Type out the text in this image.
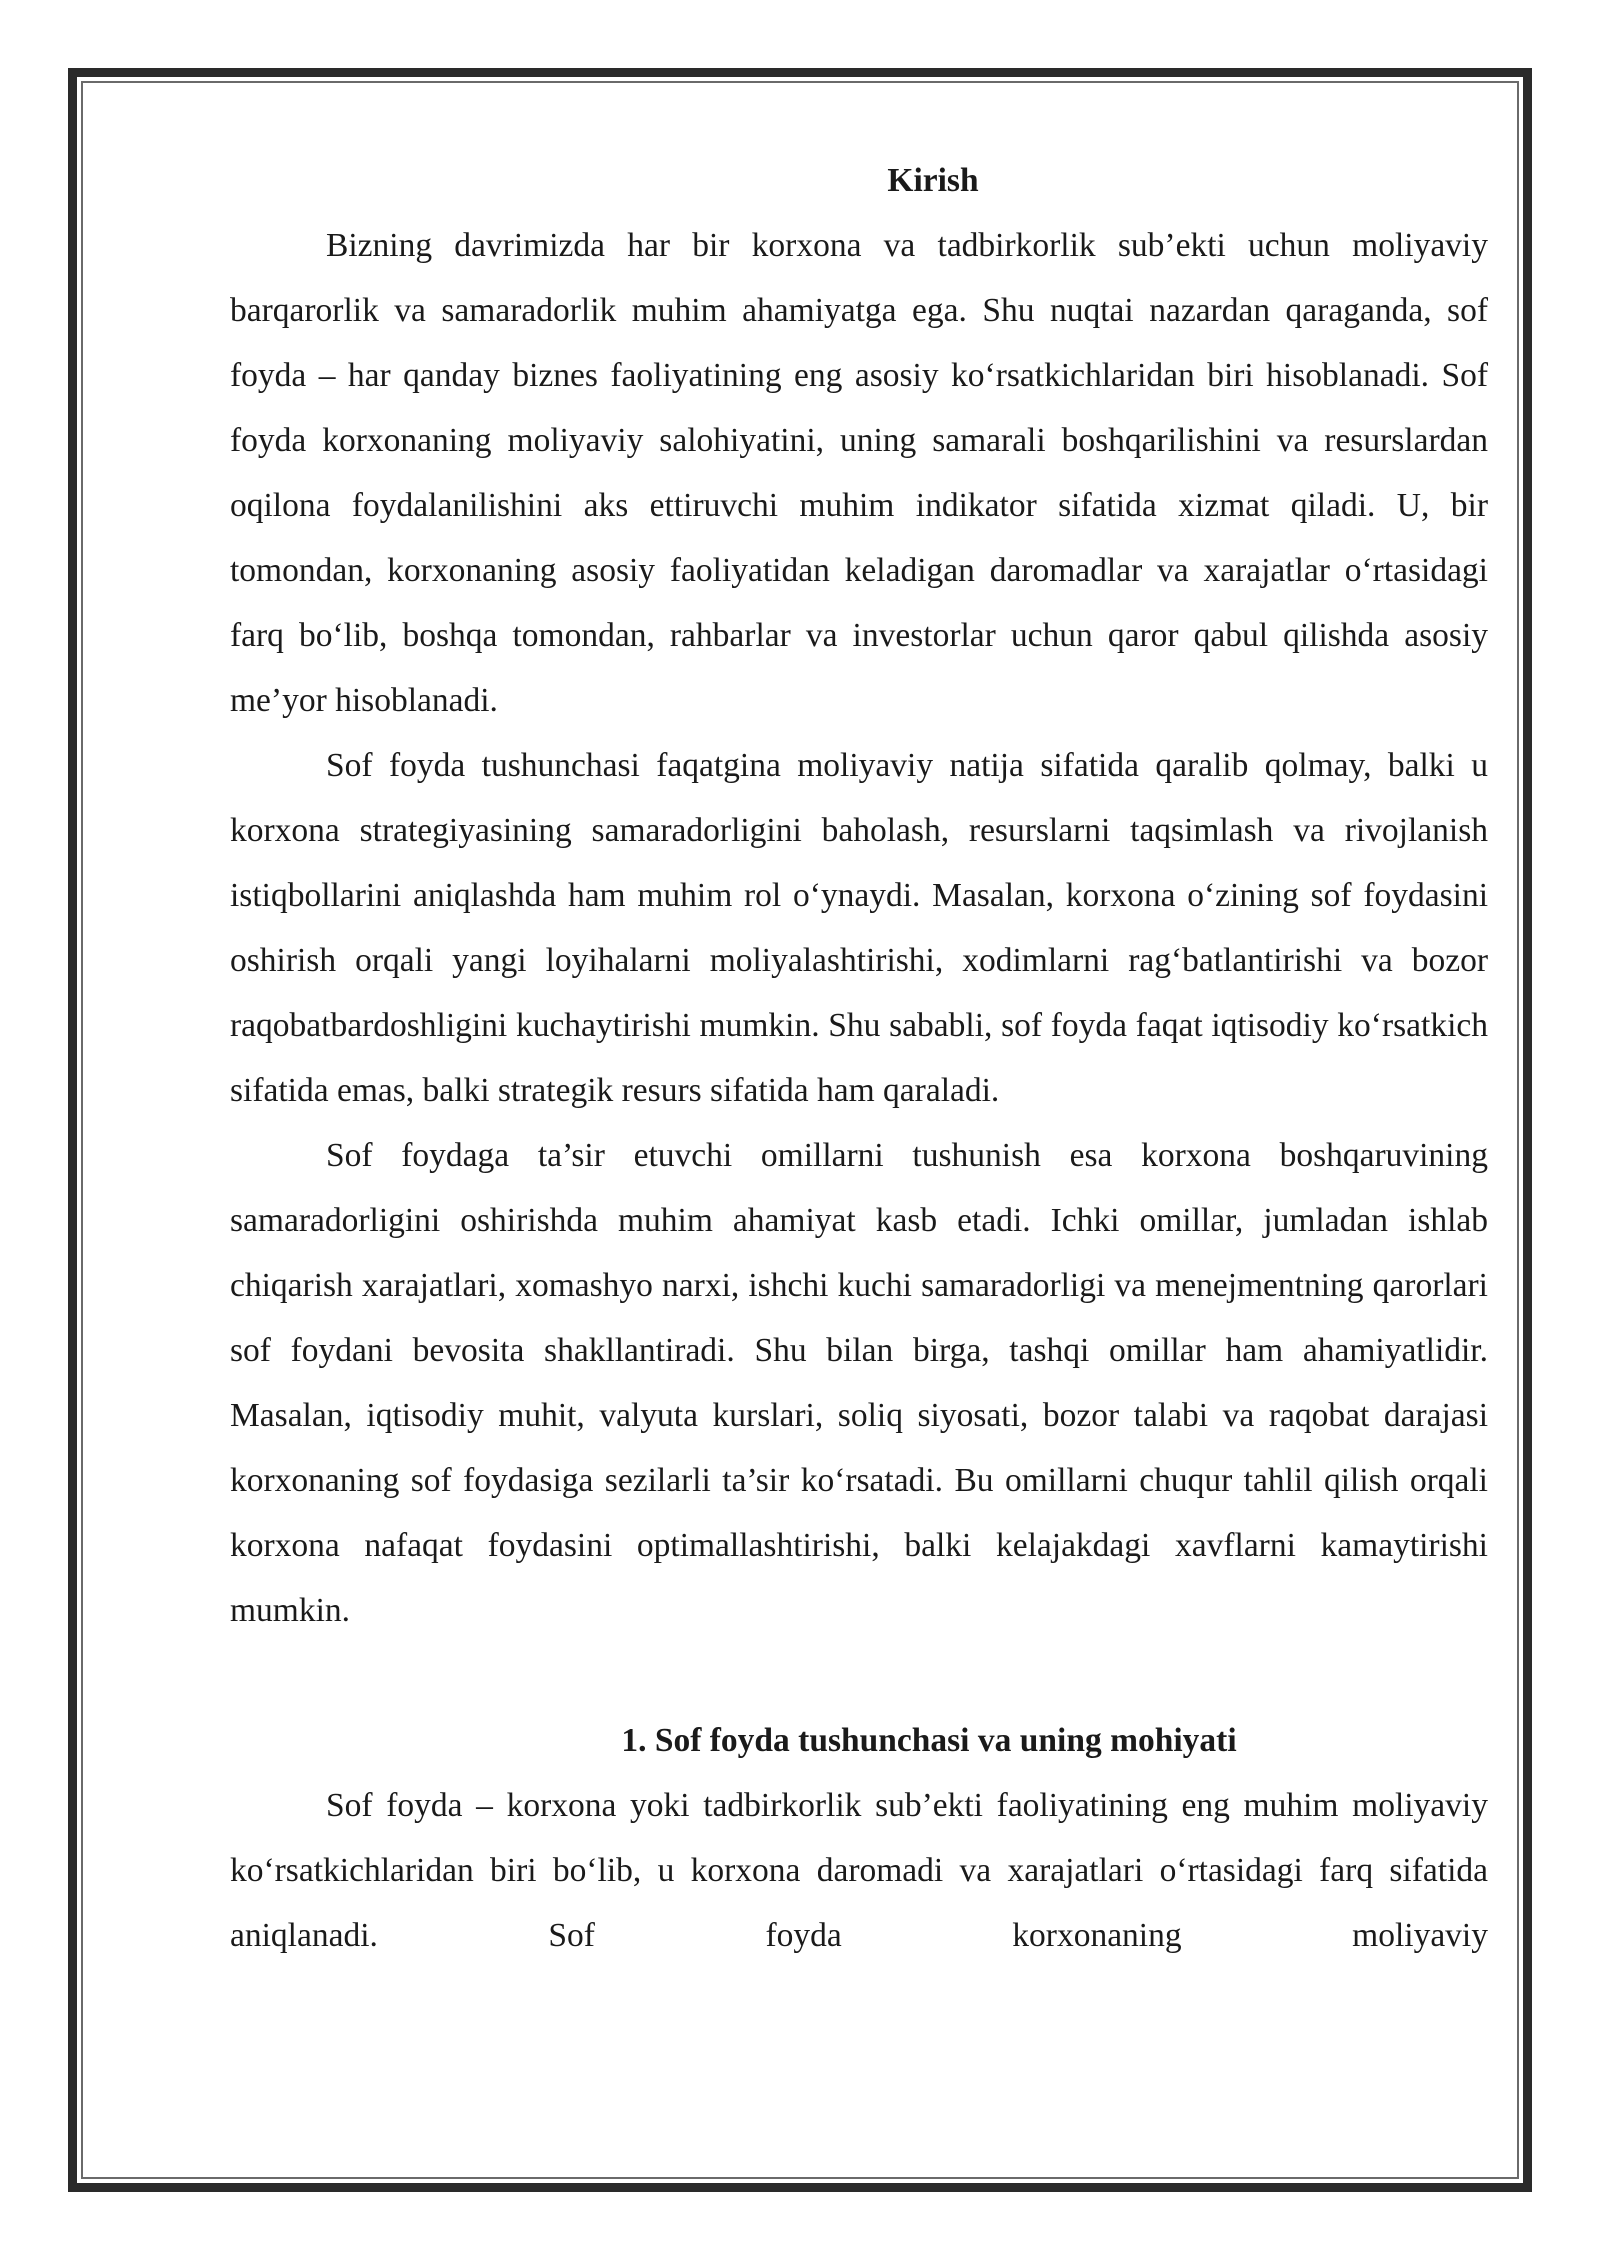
Kirish

Bizning davrimizda har bir korxona va tadbirkorlik sub’ekti uchun moliyaviy barqarorlik va samaradorlik muhim ahamiyatga ega. Shu nuqtai nazardan qaraganda, sof foyda – har qanday biznes faoliyatining eng asosiy ko‘rsatkichlaridan biri hisoblanadi. Sof foyda korxonaning moliyaviy salohiyatini, uning samarali boshqarilishini va resurslardan oqilona foydalanilishini aks ettiruvchi muhim indikator sifatida xizmat qiladi. U, bir tomondan, korxonaning asosiy faoliyatidan keladigan daromadlar va xarajatlar o‘rtasidagi farq bo‘lib, boshqa tomondan, rahbarlar va investorlar uchun qaror qabul qilishda asosiy me’yor hisoblanadi.

Sof foyda tushunchasi faqatgina moliyaviy natija sifatida qaralib qolmay, balki u korxona strategiyasining samaradorligini baholash, resurslarni taqsimlash va rivojlanish istiqbollarini aniqlashda ham muhim rol o‘ynaydi. Masalan, korxona o‘zining sof foydasini oshirish orqali yangi loyihalarni moliyalashtirishi, xodimlarni rag‘batlantirishi va bozor raqobatbardoshligini kuchaytirishi mumkin. Shu sababli, sof foyda faqat iqtisodiy ko‘rsatkich sifatida emas, balki strategik resurs sifatida ham qaraladi.

Sof foydaga ta’sir etuvchi omillarni tushunish esa korxona boshqaruvining samaradorligini oshirishda muhim ahamiyat kasb etadi. Ichki omillar, jumladan ishlab chiqarish xarajatlari, xomashyo narxi, ishchi kuchi samaradorligi va menejmentning qarorlari sof foydani bevosita shakllantiradi. Shu bilan birga, tashqi omillar ham ahamiyatlidir. Masalan, iqtisodiy muhit, valyuta kurslari, soliq siyosati, bozor talabi va raqobat darajasi korxonaning sof foydasiga sezilarli ta’sir ko‘rsatadi. Bu omillarni chuqur tahlil qilish orqali korxona nafaqat foydasini optimallashtirishi, balki kelajakdagi xavflarni kamaytirishi mumkin.

1. Sof foyda tushunchasi va uning mohiyati

Sof foyda – korxona yoki tadbirkorlik sub’ekti faoliyatining eng muhim moliyaviy ko‘rsatkichlaridan biri bo‘lib, u korxona daromadi va xarajatlari o‘rtasidagi farq sifatida aniqlanadi. Sof foyda korxonaning moliyaviy
